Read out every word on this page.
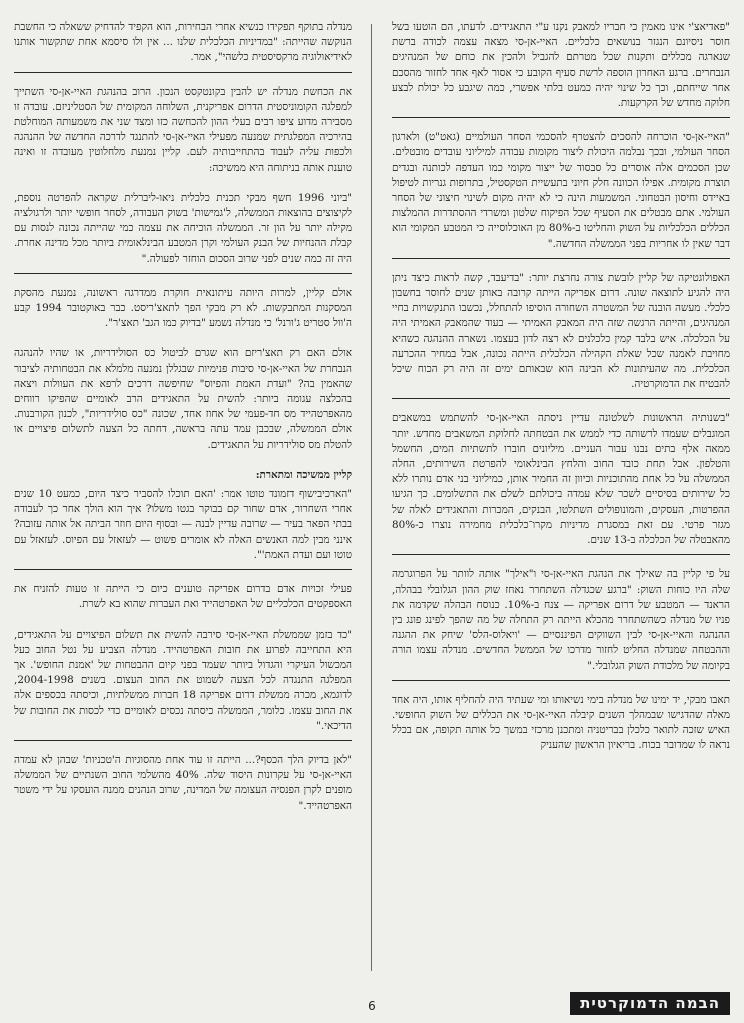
"פאדיאצ'י אינו מאמין כי חבריו למאבק נקנו ע"י התאגידים. לדעתו, הם הוטעו בשל חוסר ניסיונם הנגזר בנושאים כלכליים. האיי-אן-סי מצאה עצמה לכודה ברשת שנארגה מכללים ותקנות שכל מטרתם להגביל ולהכין את כוחם של המנהיגים הנבחרים. ברגע האחרון הוספה לרשת סעיף הקובע כי אסור לאף אחד לחזור מהסכם אחר שייחתם, וכך כל שינוי יהיה כמעט בלתי אפשרי, כמה שיגבע כל יכולת לבצע חלוקה מחדש של הקרקעות.

"האיי-אן-סי הוכרחה להסכים להצטרף להסכמי הסחר העולמיים (גאט"ט) ולארגון הסחר העולמי, ובכך נבלמה היכולת ליצור מקומות עבודה למיליוני עובדים מובטלים. שכן הסכמים אלה אוסרים כל סבסוד של ייצור מקומי כמו העדפה לכותנה ובגדים תוצרת מקומית. אפילו הכוונה חלק חיוני בתעשיית הטקסטיל, בתרופות גנריות לטיפול באיידס וחיסון הבטחוני. המשמעות הינה כי לא יהיה מקום לשינוי חיצוני של הסחר העולמי. אתם מבטלים את הסעיף שכל הפיקוח שלטון ומשרדי ההסתדרות ההמלצות הכללים הכלכליות על השוק והחליטו ב-80% מן האוכלוסייה כי המטבע המקומי הוא דבר שאין לו אחריות בפני הממשלה החדשה."

האפולוגטיקה של קליין לובשת צורה נחרצת יותר: "בדיעבד, קשה לראות כיצד ניתן היה להגיע לתוצאה שונה. דרום אפריקה הייתה קרובה באותן שנים לחוסר בחשבון כלכלי. מעשה הובנה של המשטרה השחורה הוסיפו להתחלל, נכשבו התנקשויות בחיי המנהיגים, והייתה הרגשה שזה היה המאבק האמיתי — בעוד שהמאבק האמיתי היה על הכלכלה. איש בלבד קמין כלכלנים לא רצה לדון בעצמו. נשארה ההנהגה כשהיא מחויבת לאמנה שכל שאלת הקהילה הכלכלית הייתה נכונה, אבל במחיר ההכרעה הכלכלית. מה שהעיתונות לא הבינה הוא שבאותם ימים זה היה רק הכוח שיכל להבטיח את הדמוקרטיה.

"בשנותיה הראשונות לשלטונה עדיין ניסתה האיי-אן-סי להשתמש במשאבים המוגבלים שעמדו לרשותה כדי לממש את הבטחתה לחלוקת המשאבים מחדש. יותר ממאה אלף בתים נבנו עבור העניים. מיליונים חוברו לתשתיות המים, החשמל והטלפון. אבל תחת כובד החוב והלחץ הבינלאומי להפרטת השירותים, החלה הממשלה על כל אחת מהתוכניות וכיוון זה החמיר אותן, כמיליוני בני אדם נותרו ללא כל שירותים בסיסיים לשכר שלא עמדה ביכולתם לשלם את התשלומים. כך הגיעו ההפרטות, העסקים, והמונופולים השתלטו, הבנקים, המכרות והתאגידים לאלה של מגזר פרטי. עם זאת במסגרת מדיניות מקרו־כלכלית מחמירה נוצרו כ-80% מהאבטלה של הכלכלה ב-13 שנים.

על פי קליין בה שאילך את הנהגת האיי-אן-סי ו"אילך" אותה לוותר על הפרוגרמה שלה היו כוחות השוק: "ברגע שכגדלה השתחרר נאחז שוק ההון הגלובלי בבהלה, הראנד — המטבע של דרום אפריקה — צנח ב-10%. כנוסח הבהלה שקדמה את פניו של מנדלה כשהשתחרר מהכלא הייתה רק התחלה של מה שהפך לפינג פונג בין ההנהגה והאיי-אן-סי לבין השווקים הפיננסיים — 'ויאלוס-הלס' שיחק את ההגנה וההבטחה שמנדלה החליט לחזור מדרכו של הממשל החדשים. מנדלה עצמו הורה בקיומה של מלכודת השוק הגלובלי."

תאבו מבקי, יד ימינו של מנדלה בימי נשיאותו ומי שעתיד היה להחליף אותו, היה אחד מאלה שהדגישו שבמהלך השנים קיבלה האיי-אן-סי את הכללים של השוק החופשי. האיש שזכה לתואר כלכלן בבריטניה ומתכנן מרכזי במשך כל אותה תקופה, אם בכלל נראה לו שמדובר בכוח. בריאיון הראשון שהעניק

מנדלה בתוקף תפקידו כנשיא אחרי הבחירות, הוא הקפיד להדחיק ששאלה כי החשבת הנוקשה שהייתה: "במדיניות הכלכלית שלנו ... אין ולו סיסמא אחת שתקשור אותנו לאידיאולוגיה מרקסיסטית כלשהי", אמר.

את הכחשת מנדלה יש להבין בקונטקסט הנכון. הרוב בהנהגת האיי-אן-סי השתייך למפלגה הקומוניסטית הדרום אפריקנית, השלוחה המקומית של הסטליניזם. עובדה זו מסבירה מדוע ציפו רבים בעלי ההון להכחשה כזו ומצד שני את משמעותה המוחלטת בהירכיה המפלגתית שמנעה מפעילי האיי-אן-סי להתנגד לדרכה החדשה של ההנהגה ולכפות עליה לעבוד בהתחייבותיה לעם. קליין נמנעת מלחלוטין מעובדה זו ואינה טוענת אותה בניתוחה היא ממשיכה:

"ביוני 1996 חשף מבקי תכנית כלכלית ניאו-ליברלית שקראה להפרטה נוספת, לקיצוצים בהוצאות הממשלה, ל'גמישות' בשוק העבודה, לסחר חופשי יותר ולרגולציה מקילה יותר על הון זר. הממשלה הוכיחה את עצמה כמי שהייתה נכונה לנסות עם קבלת ההנחיות של הבנק העולמי וקרן המטבע הבינלאומית ביותר מכל מדינה אחרת. היה זה כמה שנים לפני שרוב הסכום הוחזר לפעולה."

אולם קליין, למרות היותה עיתונאית חוקרת ממדרגה ראשונה, נמנעת מהסקת המסקנות המתבקשות. לא רק מבקי הפך לתאצ'ריסט. כבר באוקטובר 1994 קבע ה'וול סטריט ג'ורנל' כי מנדלה נשמע "בדיוק כמו הגב' תאצ'ר".

אולם האם רק תאצ'ריזם הוא שגרם לביטול כס הסולידריות, או שהיו להנהגה הנבחרת של האיי-אן-סי סיבות פנימיות שבגללן נמנעה מלמלא את הבטחותיה לציבור שהאמין בה? "ועדת האמת והפיוס" שחיפשה דרכים לרפא את העוולות ויצאה בהכלצה עגומה ביותר: להשית על התאגידים הרב לאומיים שהפיקו רווחים מהאפרטהייד מס חד-פעמי של אחוז אחד, שכונה "כס סולידריות", לכנון הקורבנות. אולם הממשלה, שבכבן עמד עתה בראשה, דחתה כל הצעה לתשלום פיצויים או להטלת מס סולידריות על התאגידים.

קליין ממשיכה ומתארת:

"הארכיבישוף דזמונד טוטו אמר: 'האם תוכלו להסביר כיצד היום, כמעט 10 שנים אחרי השחרור, אדם שחור קם בבוקר בגטו משלו? איך הוא הולך אחר כך לעבודה בבתי הפאר בעיר — שרובה עדיין לבנה — ובסוף היום חוזר הביתה אל אותה עזובה? אינני מבין למה האנשים האלה לא אומרים פשוט — לעזאזל עם הפיוס. לעזאזל עם טוטו ועם ועדת האמת'".

פעילי זכויות אדם בדרום אפריקה טוענים כיום כי הייתה זו טעות להזניח את האספקטים הכלכליים של האפרטהייד ואת העברות שהוא בא לשרת.

"כד בזמן שממשלת האיי-אן-סי סירבה להשית את תשלום הפיצויים על התאגידים, היא התחייבה לפרוע את חובות האפרטהייד. מנדלה הצביע על נטל החוב כעל המכשול העיקרי והגדול ביותר שעמד בפני קיום ההבטחות של 'אמנת החופש'. אך המפלגה התנגדה לכל הצעה לשמוט את החוב העצום. בשנים 2004-1998, לדוגמא, מכרה ממשלת דרום אפריקה 18 חברות ממשלתיות, וכיסתה בכספים אלה את החוב עצמו. כלומר, הממשלה כיסתה נכסים לאומיים כדי לכסות את החובות של הדיכאי."

"לאן בדיוק הלך הכסף?... הייתה זו עוד אחת מהסוגיות ה'טכניות' שבהן לא עמדה האיי-אן-סי על עקרונות היסוד שלה. 40% מהשלמי החוב השנתיים של הממשלה מופנים לקרן הפנסיה העצומה של המדינה, שרוב הנהנים ממנה הועסקו על ידי משטר האפרטהייד."

6	הבמה הדמוקרטית
